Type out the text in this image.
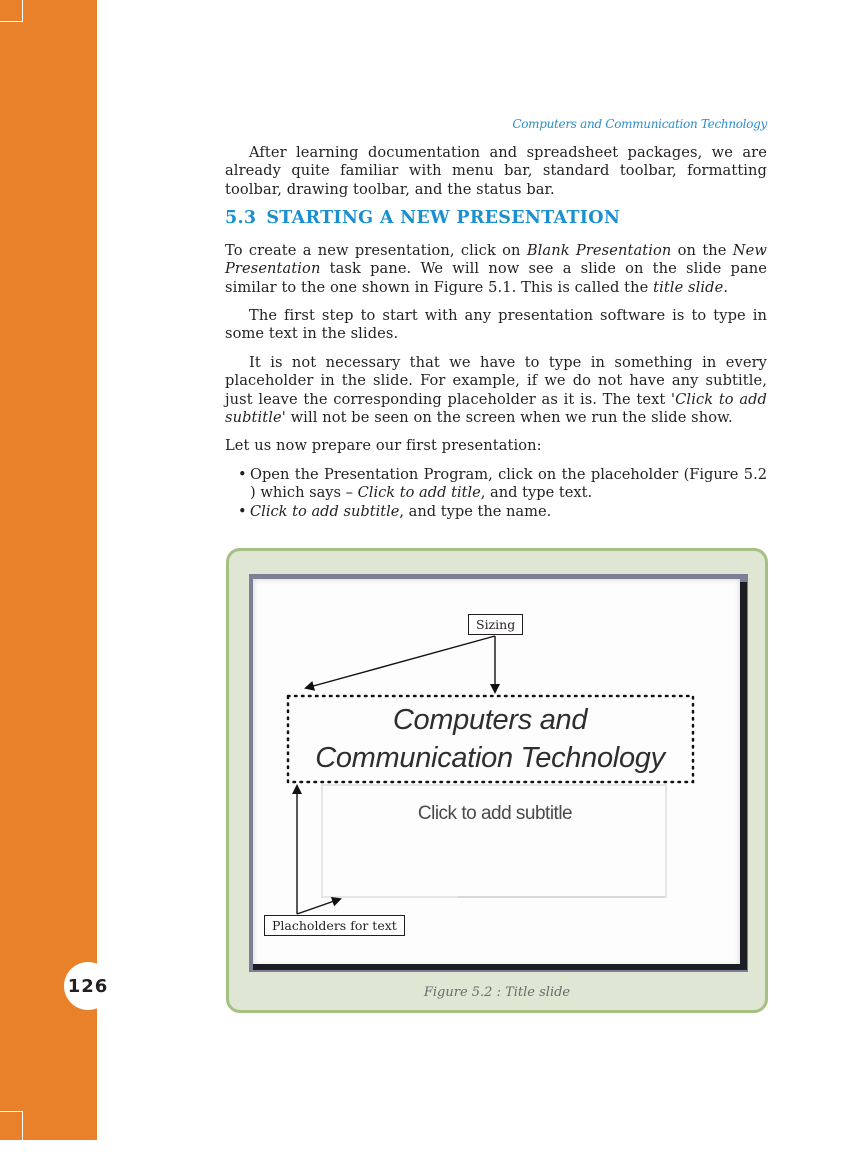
126
Computers and Communication Technology

After learning documentation and spreadsheet packages, we are already quite familiar with menu bar, standard toolbar, formatting toolbar, drawing toolbar, and the status bar.

5.3 STARTING A NEW PRESENTATION

To create a new presentation, click on Blank Presentation on the New Presentation task pane. We will now see a slide on the slide pane similar to the one shown in Figure 5.1. This is called the title slide.

The first step to start with any presentation software is to type in some text in the slides.

It is not necessary that we have to type in something in every placeholder in the slide. For example, if we do not have any subtitle, just leave the corresponding placeholder as it is. The text 'Click to add subtitle' will not be seen on the screen when we run the slide show.

Let us now prepare our first presentation:

• Open the Presentation Program, click on the placeholder (Figure 5.2 ) which says – Click to add title, and type text.
• Click to add subtitle, and type the name.
Sizing
Computers and
Communication Technology
Click to add subtitle
Placholders for text
Figure 5.2 : Title slide
